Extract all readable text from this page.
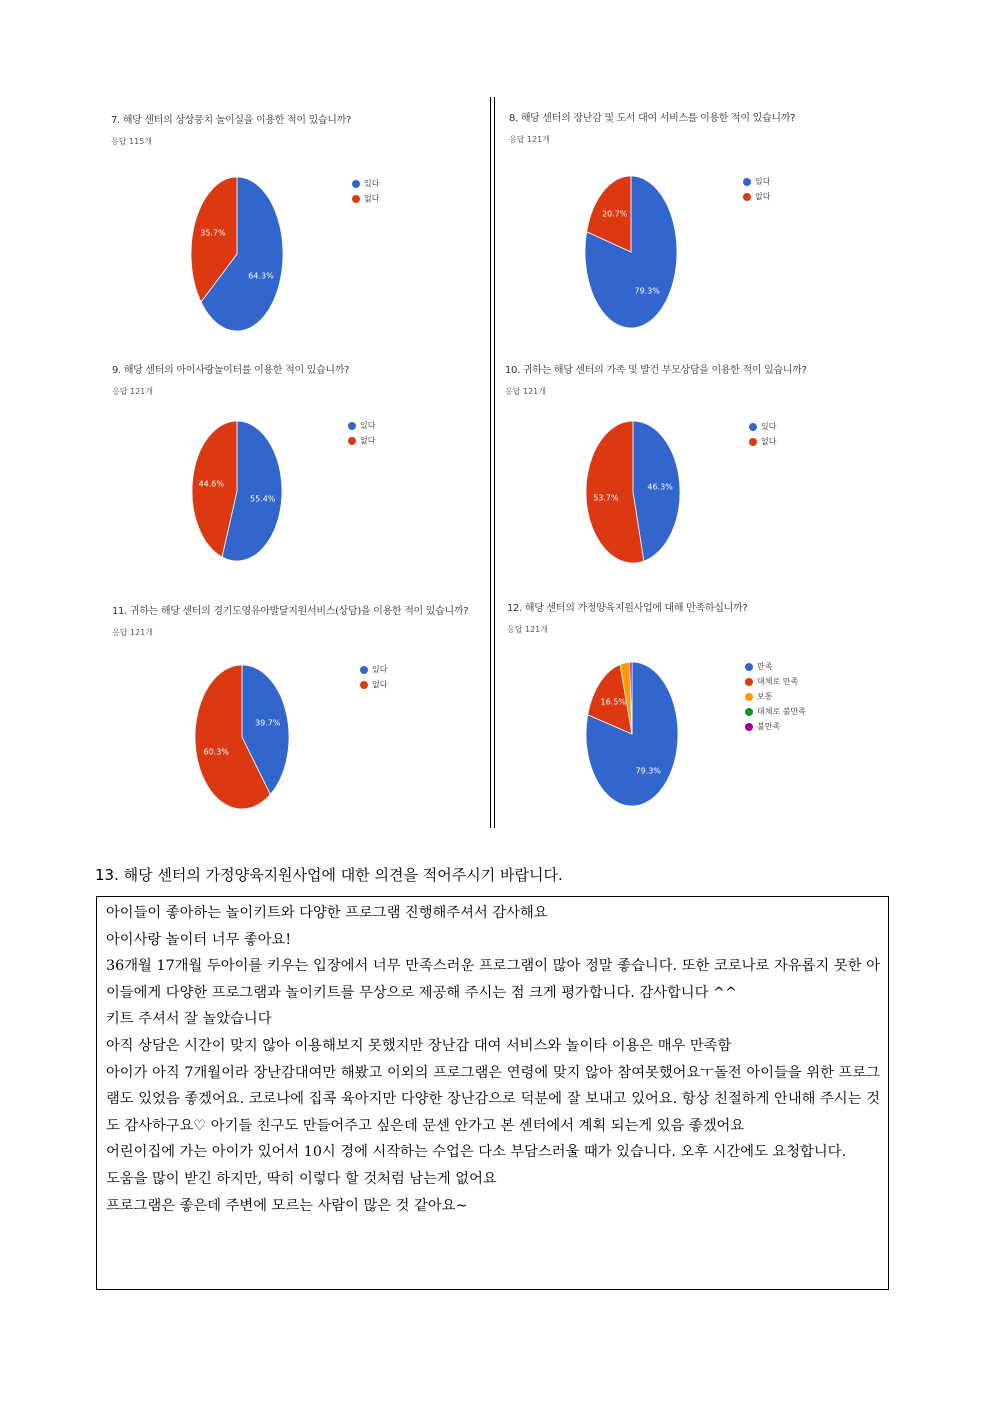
13. 해당 센터의 가정양육지원사업에 대한 의견을 적어주시기 바랍니다.
아이들이 좋아하는 놀이키트와 다양한 프로그램 진행해주셔서 감사해요
아이사랑 놀이터 너무 좋아요!
36개월 17개월 두아이를 키우는 입장에서 너무 만족스러운 프로그램이 많아 정말 좋습니다. 또한 코로나로 자유롭지 못한 아이들에게 다양한 프로그램과 놀이키트를 무상으로 제공해 주시는 점 크게 평가합니다. 감사합니다 ^^
키트 주셔서 잘 놀았습니다
아직 상담은 시간이 맞지 않아 이용해보지 못했지만 장난감 대여 서비스와 놀이타 이용은 매우 만족함
아이가 아직 7개월이라 장난감대여만 해봤고 이외의 프로그램은 연령에 맞지 않아 참여못했어요ㅜ돌전 아이들을 위한 프로그램도 있었음 좋겠어요. 코로나에 집콕 육아지만 다양한 장난감으로 덕분에 잘 보내고 있어요. 항상 친절하게 안내해 주시는 것도 감사하구요♡ 아기들 친구도 만들어주고 싶은데 문센 안가고 본 센터에서 계획 되는게 있음 좋겠어요
어린이집에 가는 아이가 있어서 10시 경에 시작하는 수업은 다소 부담스러울 때가 있습니다. 오후 시간에도 요청합니다.
도움을 많이 받긴 하지만, 딱히 이렇다 할 것처럼 남는게 없어요
프로그램은 좋은데 주변에 모르는 사람이 많은 것 같아요~
7. 해당 센터의 상상뭉치 놀이실을 이용한 적이 있습니까?
응답 115개
64.3%
35.7%
있다
없다
8. 해당 센터의 장난감 및 도서 대여 서비스를 이용한 적이 있습니까?
응답 121개
79.3%
20.7%
있다
없다
9. 해당 센터의 아이사랑놀이터를 이용한 적이 있습니까?
응답 121개
55.4%
44.6%
있다
없다
10. 귀하는 해당 센터의 가족 및 발건 부모상담을 이용한 적이 있습니까?
응답 121개
46.3%
53.7%
있다
없다
11. 귀하는 해당 센터의 경기도영유아발달지원서비스(상담)을 이용한 적이 있습니까?
응답 121개
39.7%
60.3%
있다
없다
12. 해당 센터의 가정양육지원사업에 대해 만족하십니까?
응답 121개
79.3%
16.5%
만족
대체로 만족
보통
대체로 불만족
불만족
